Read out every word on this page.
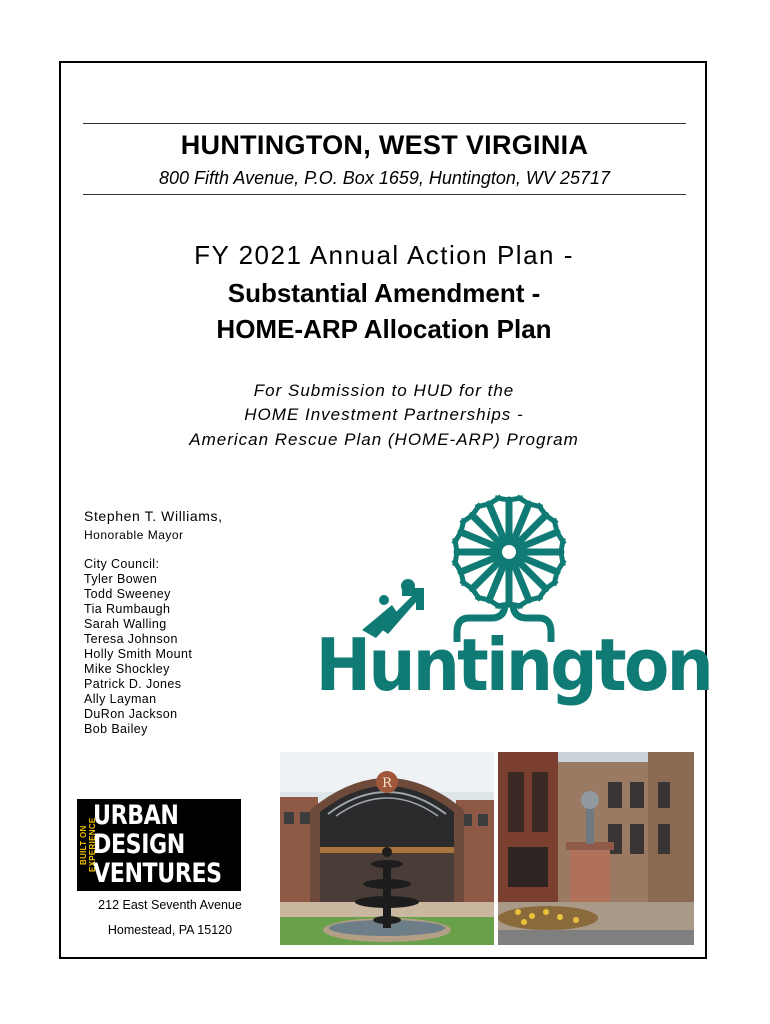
HUNTINGTON, WEST VIRGINIA
800 Fifth Avenue, P.O. Box 1659, Huntington, WV 25717
FY 2021 Annual Action Plan -
Substantial Amendment -
HOME-ARP Allocation Plan
For Submission to HUD for the
HOME Investment Partnerships -
American Rescue Plan (HOME-ARP) Program
Stephen T. Williams,
Honorable Mayor
City Council:
Tyler Bowen
Todd Sweeney
Tia Rumbaugh
Sarah Walling
Teresa Johnson
Holly Smith Mount
Mike Shockley
Patrick D. Jones
Ally Layman
DuRon Jackson
Bob Bailey
Huntington
BUILT ON EXPERIENCE
URBAN
DESIGN
VENTURES
212 East Seventh Avenue
Homestead, PA 15120
R
